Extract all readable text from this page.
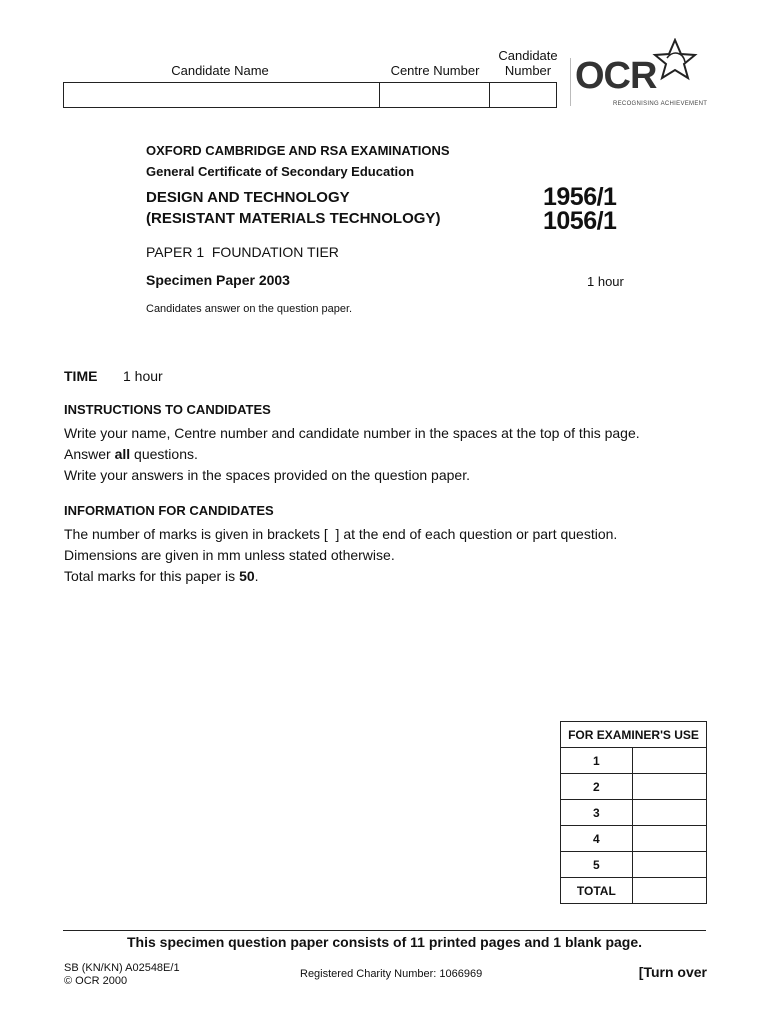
Candidate Name	Centre Number
Candidate
Number OCR
RECOGNISING ACHIEVEMENT
OXFORD CAMBRIDGE AND RSA EXAMINATIONS
General Certificate of Secondary Education
DESIGN AND TECHNOLOGY
(RESISTANT MATERIALS TECHNOLOGY)
1956/1
1056/1
PAPER 1  FOUNDATION TIER
Specimen Paper 2003	1 hour
Candidates answer on the question paper.
TIME 1 hour
INSTRUCTIONS TO CANDIDATES
Write your name, Centre number and candidate number in the spaces at the top of this page.
Answer all questions.
Write your answers in the spaces provided on the question paper.
INFORMATION FOR CANDIDATES
The number of marks is given in brackets [  ] at the end of each question or part question.
Dimensions are given in mm unless stated otherwise.
Total marks for this paper is 50.
FOR EXAMINER'S USE	
1	
2	
3	
4	
5	
TOTAL	
This specimen question paper consists of 11 printed pages and 1 blank page.
SB (KN/KN) A02548E/1
© OCR 2000
Registered Charity Number: 1066969	[Turn over
